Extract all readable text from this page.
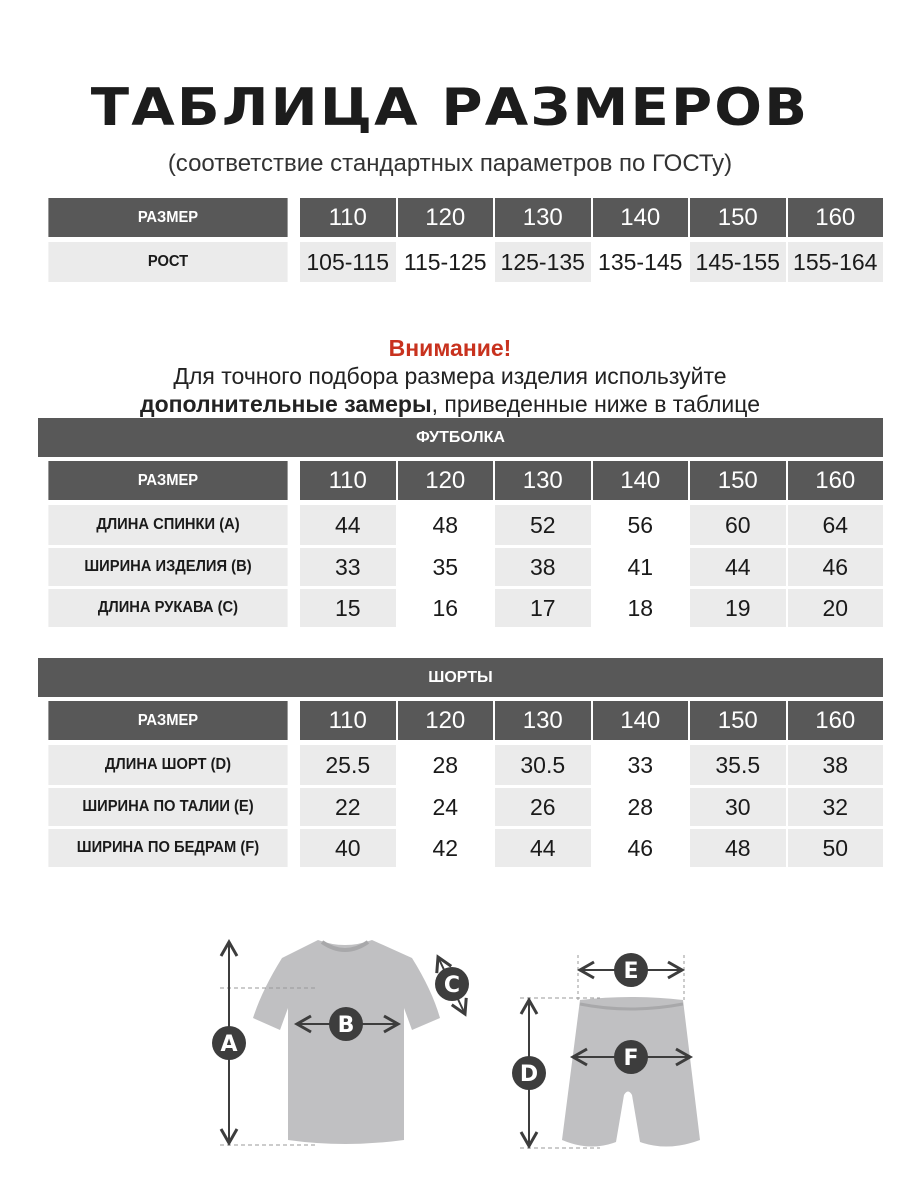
ТАБЛИЦА РАЗМЕРОВ
(соответствие стандартных параметров по ГОСТу)
РАЗМЕР	110	120	130	140	150	160
РОСТ	105-115 115-125 125-135 135-145 145-155 155-164
Внимание!
Для точного подбора размера изделия используйте
дополнительные замеры, приведенные ниже в таблице
ФУТБОЛКА
РАЗМЕР	110	120	130	140	150	160
ДЛИНА СПИНКИ (А)	44	48	52	56	60	64
ШИРИНА ИЗДЕЛИЯ (B)	33	35	38	41	44	46
ДЛИНА РУКАВА (C)	15	16	17	18	19	20
ШОРТЫ
РАЗМЕР	110	120	130	140	150	160
ДЛИНА ШОРТ (D)	25.5	28	30.5	33	35.5	38
ШИРИНА ПО ТАЛИИ (E)	22	24	26	28	30	32
ШИРИНА ПО БЕДРАМ (F)	40	42	44	46	48	50
A
B
C
E
D
F
